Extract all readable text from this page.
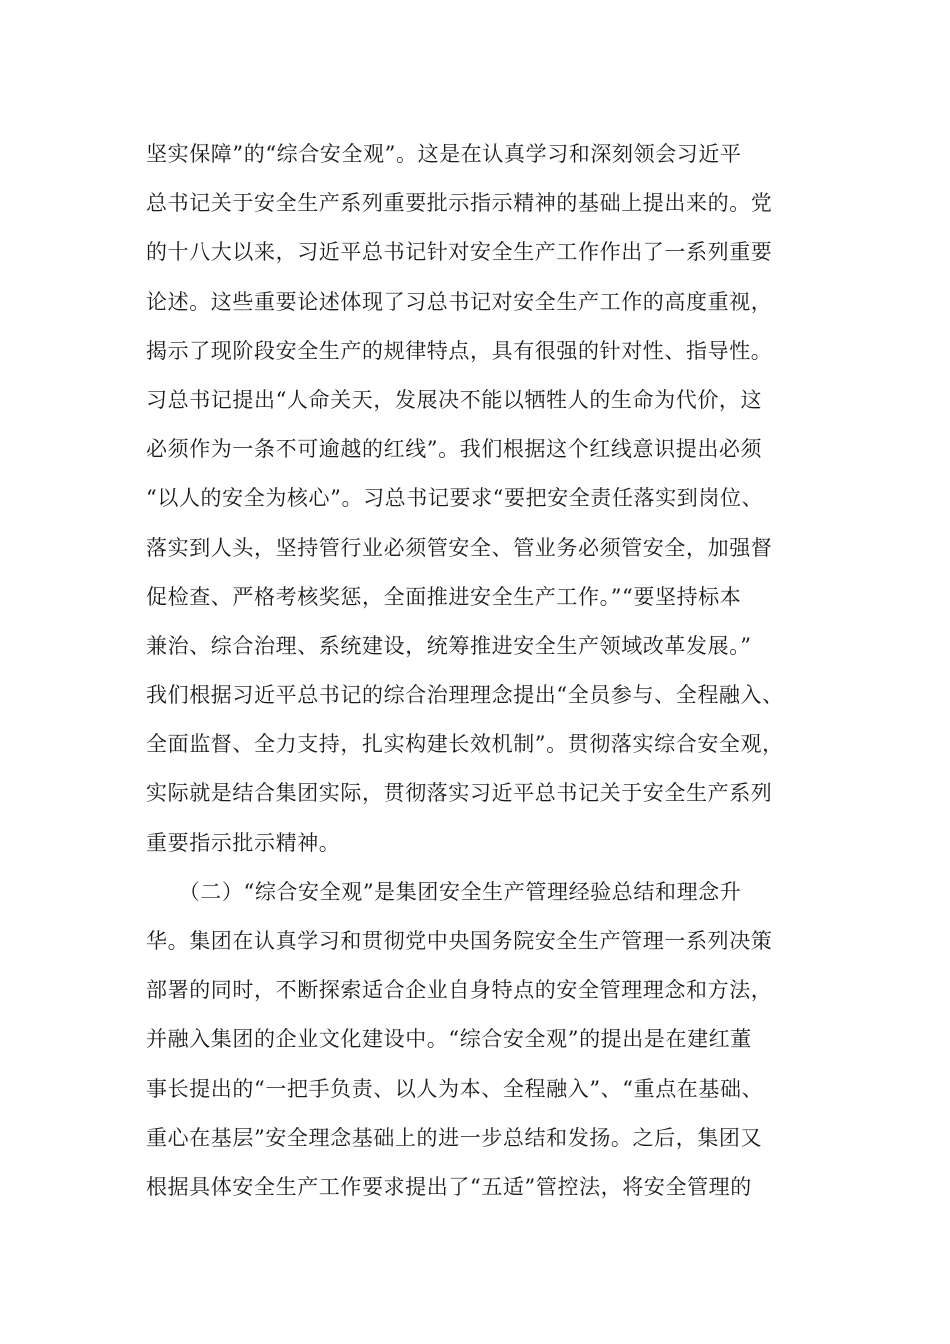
坚实保障”的“综合安全观”。这是在认真学习和深刻领会习近平
总书记关于安全生产系列重要批示指示精神的基础上提出来的。党
的十八大以来，习近平总书记针对安全生产工作作出了一系列重要
论述。这些重要论述体现了习总书记对安全生产工作的高度重视，
揭示了现阶段安全生产的规律特点，具有很强的针对性、指导性。
习总书记提出“人命关天，发展决不能以牺牲人的生命为代价，这
必须作为一条不可逾越的红线”。我们根据这个红线意识提出必须
“以人的安全为核心”。习总书记要求“要把安全责任落实到岗位、
落实到人头，坚持管行业必须管安全、管业务必须管安全，加强督
促检查、严格考核奖惩，全面推进安全生产工作。”“要坚持标本
兼治、综合治理、系统建设，统筹推进安全生产领域改革发展。”
我们根据习近平总书记的综合治理理念提出“全员参与、全程融入、
全面监督、全力支持，扎实构建长效机制”。贯彻落实综合安全观，
实际就是结合集团实际，贯彻落实习近平总书记关于安全生产系列
重要指示批示精神。
　　（二）“综合安全观”是集团安全生产管理经验总结和理念升
华。集团在认真学习和贯彻党中央国务院安全生产管理一系列决策
部署的同时，不断探索适合企业自身特点的安全管理理念和方法，
并融入集团的企业文化建设中。“综合安全观”的提出是在建红董
事长提出的“一把手负责、以人为本、全程融入”、“重点在基础、
重心在基层”安全理念基础上的进一步总结和发扬。之后，集团又
根据具体安全生产工作要求提出了“五适”管控法，将安全管理的
